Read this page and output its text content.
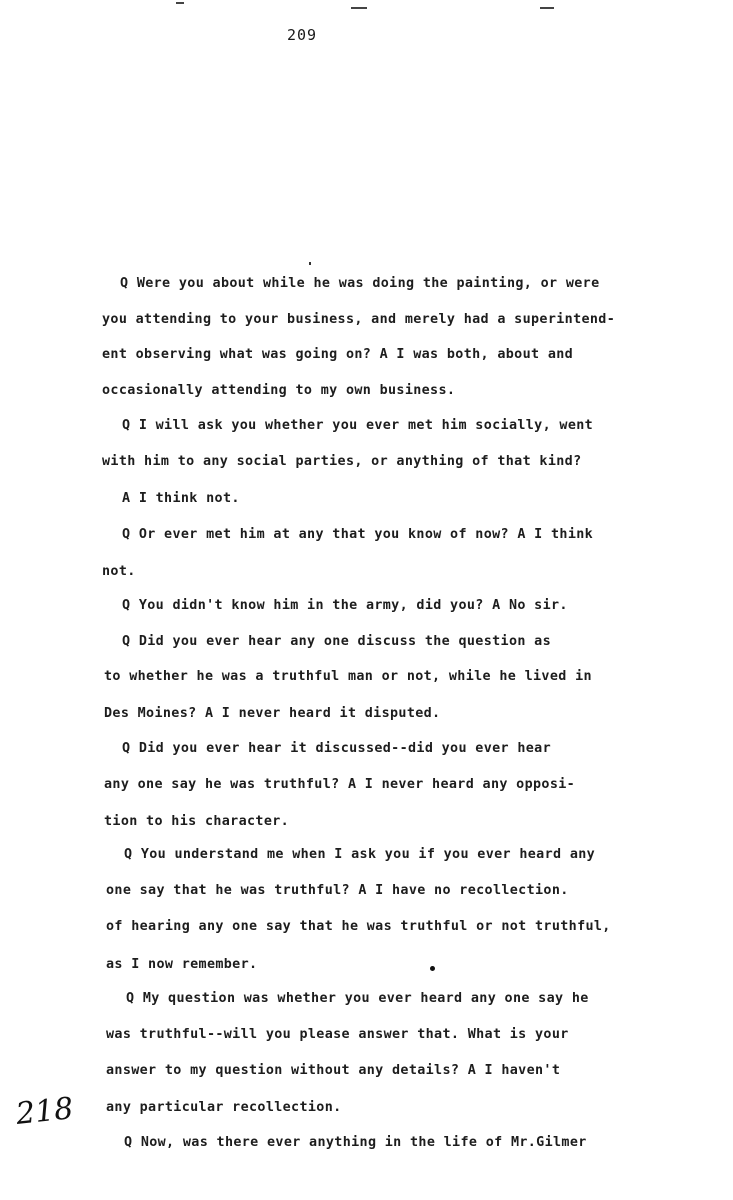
209
Q Were you about while he was doing the painting, or were
you attending to your business, and merely had a superintend-
ent observing what was going on? A I was both, about and
occasionally attending to my own business.
Q I will ask you whether you ever met him socially, went
with him to any social parties, or anything of that kind?
A I think not.
Q Or ever met him at any that you know of now? A I think
not.
Q You didn't know him in the army, did you? A No sir.
Q Did you ever hear any one discuss the question as
to whether he was a truthful man or not, while he lived in
Des Moines? A I never heard it disputed.
Q Did you ever hear it discussed--did you ever hear
any one say he was truthful? A I never heard any opposi-
tion to his character.
Q You understand me when I ask you if you ever heard any
one say that he was truthful? A I have no recollection.
of hearing any one say that he was truthful or not truthful,
as I now remember.
Q My question was whether you ever heard any one say he
was truthful--will you please answer that. What is your
answer to my question without any details? A I haven't
any particular recollection.
Q Now, was there ever anything in the life of Mr.Gilmer
218
